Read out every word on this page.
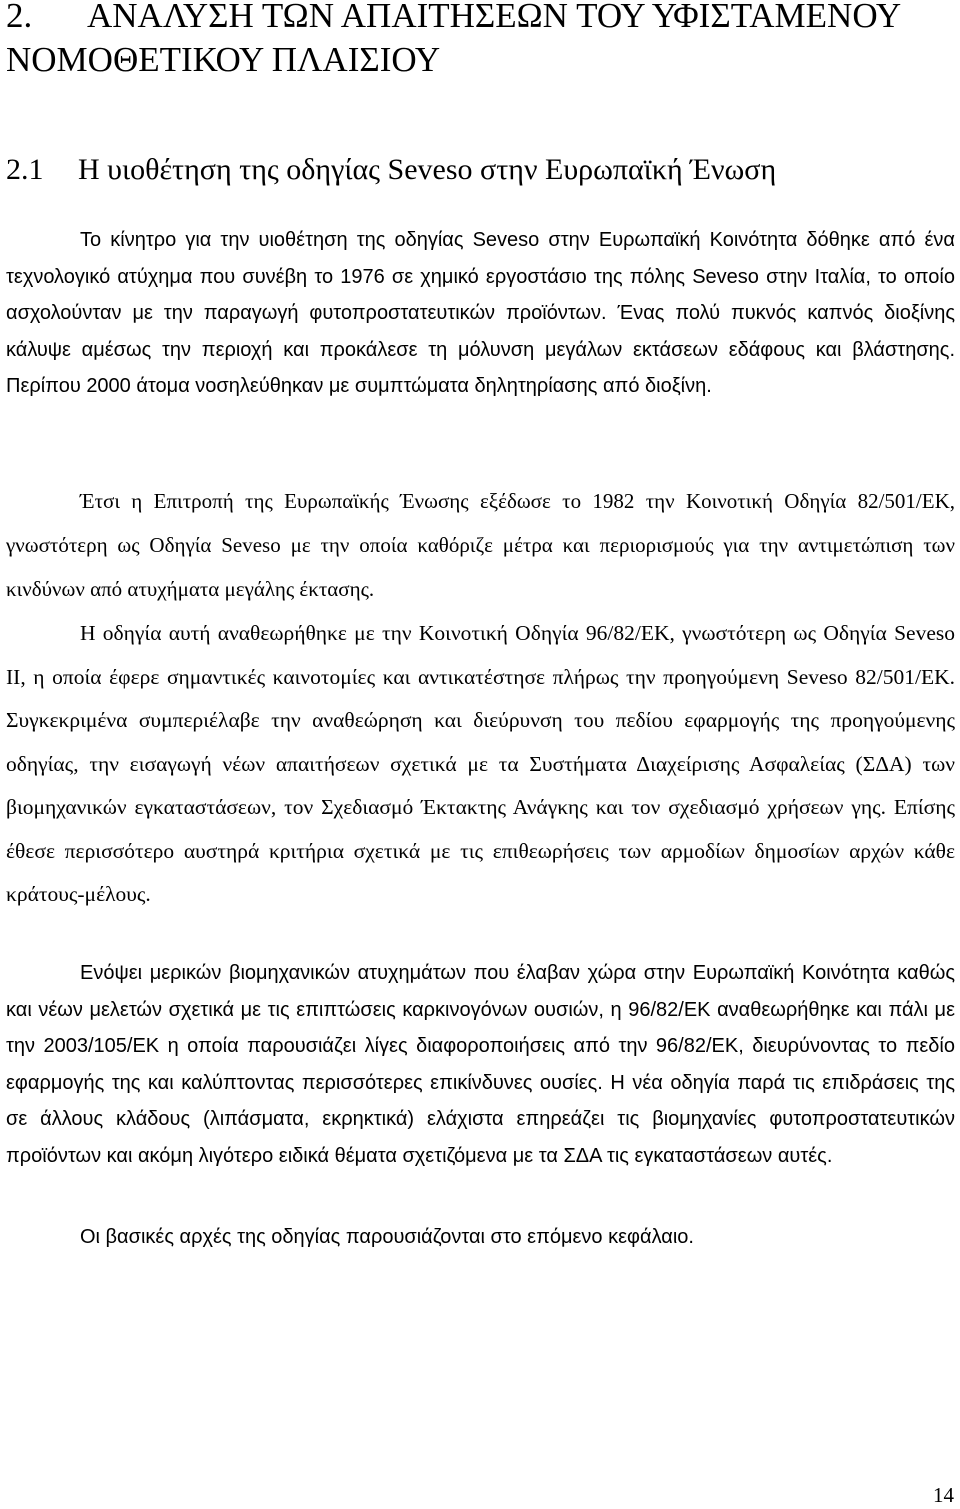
2. ΑΝΑΛΥΣΗ ΤΩΝ ΑΠΑΙΤΗΣΕΩΝ ΤΟΥ ΥΦΙΣΤΑΜΕΝΟΥ
ΝΟΜΟΘΕΤΙΚΟΥ ΠΛΑΙΣΙΟΥ
2.1 Η υιοθέτηση της οδηγίας Seveso στην Ευρωπαϊκή Ένωση

Το κίνητρο για την υιοθέτηση της οδηγίας Seveso στην Ευρωπαϊκή Κοινότητα δόθηκε από ένα τεχνολογικό ατύχημα που συνέβη το 1976 σε χημικό εργοστάσιο της πόλης Seveso στην Ιταλία, το οποίο ασχολούνταν με την παραγωγή φυτοπροστατευτικών προϊόντων. Ένας πολύ πυκνός καπνός διοξίνης κάλυψε αμέσως την περιοχή και προκάλεσε τη μόλυνση μεγάλων εκτάσεων εδάφους και βλάστησης. Περίπου 2000 άτομα νοσηλεύθηκαν με συμπτώματα δηλητηρίασης από διοξίνη.

Έτσι η Επιτροπή της Ευρωπαϊκής Ένωσης εξέδωσε το 1982 την Κοινοτική Οδηγία 82/501/ΕΚ, γνωστότερη ως Οδηγία Seveso με την οποία καθόριζε μέτρα και περιορισμούς για την αντιμετώπιση των κινδύνων από ατυχήματα μεγάλης έκτασης.

Η οδηγία αυτή αναθεωρήθηκε με την Κοινοτική Οδηγία 96/82/ΕΚ, γνωστότερη ως Οδηγία Seveso II, η οποία έφερε σημαντικές καινοτομίες και αντικατέστησε πλήρως την προηγούμενη Seveso 82/501/ΕΚ. Συγκεκριμένα συμπεριέλαβε την αναθεώρηση και διεύρυνση του πεδίου εφαρμογής της προηγούμενης οδηγίας, την εισαγωγή νέων απαιτήσεων σχετικά με τα Συστήματα Διαχείρισης Ασφαλείας (ΣΔΑ) των βιομηχανικών εγκαταστάσεων, τον Σχεδιασμό Έκτακτης Ανάγκης και τον σχεδιασμό χρήσεων γης. Επίσης έθεσε περισσότερο αυστηρά κριτήρια σχετικά με τις επιθεωρήσεις των αρμοδίων δημοσίων αρχών κάθε κράτους-μέλους.

Ενόψει μερικών βιομηχανικών ατυχημάτων που έλαβαν χώρα στην Ευρωπαϊκή Κοινότητα καθώς και νέων μελετών σχετικά με τις επιπτώσεις καρκινογόνων ουσιών, η 96/82/ΕΚ αναθεωρήθηκε και πάλι με την 2003/105/ΕΚ η οποία παρουσιάζει λίγες διαφοροποιήσεις από την 96/82/ΕΚ, διευρύνοντας το πεδίο εφαρμογής της και καλύπτοντας περισσότερες επικίνδυνες ουσίες. Η νέα οδηγία παρά τις επιδράσεις της σε άλλους κλάδους (λιπάσματα, εκρηκτικά) ελάχιστα επηρεάζει τις βιομηχανίες φυτοπροστατευτικών προϊόντων και ακόμη λιγότερο ειδικά θέματα σχετιζόμενα με τα ΣΔΑ τις εγκαταστάσεων αυτές.

Οι βασικές αρχές της οδηγίας παρουσιάζονται στο επόμενο κεφάλαιο.

14
